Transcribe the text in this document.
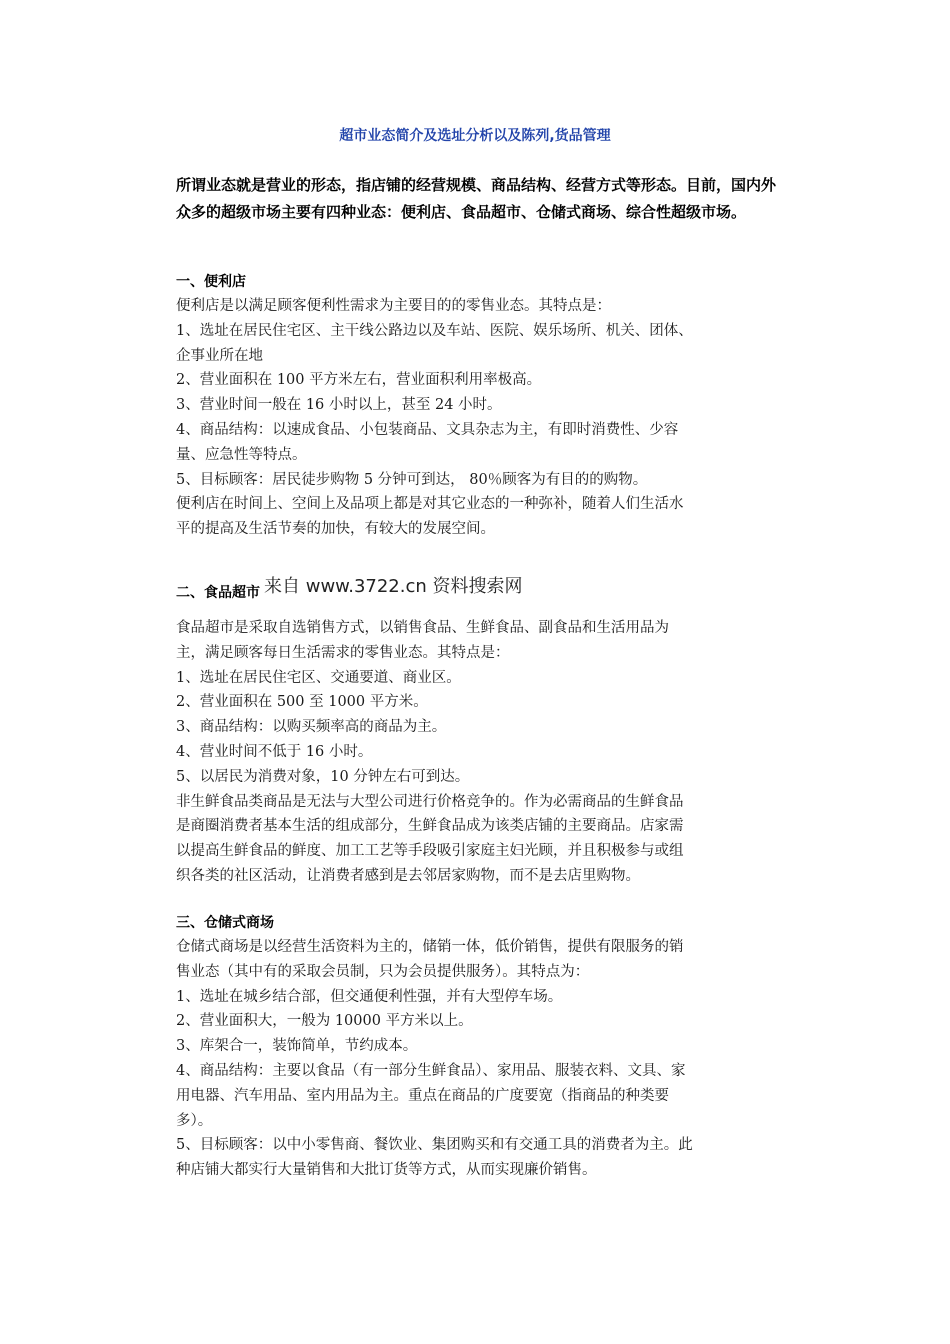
超市业态简介及选址分析以及陈列,货品管理
所谓业态就是营业的形态，指店铺的经营规模、商品结构、经营方式等形态。目前，国内外众多的超级市场主要有四种业态：便利店、食品超市、仓储式商场、综合性超级市场。
一、便利店

便利店是以满足顾客便利性需求为主要目的的零售业态。其特点是：

1、选址在居民住宅区、主干线公路边以及车站、医院、娱乐场所、机关、团体、

企事业所在地

2、营业面积在 100 平方米左右，营业面积利用率极高。

3、营业时间一般在 16 小时以上，甚至 24 小时。

4、商品结构：以速成食品、小包装商品、文具杂志为主，有即时消费性、少容

量、应急性等特点。

5、目标顾客：居民徒步购物 5 分钟可到达， 80％顾客为有目的的购物。

便利店在时间上、空间上及品项上都是对其它业态的一种弥补，随着人们生活水

平的提高及生活节奏的加快，有较大的发展空间。

二、食品超市 来自 www.3722.cn 资料搜索网

食品超市是采取自选销售方式，以销售食品、生鲜食品、副食品和生活用品为

主，满足顾客每日生活需求的零售业态。其特点是：

1、选址在居民住宅区、交通要道、商业区。

2、营业面积在 500 至 1000 平方米。

3、商品结构：以购买频率高的商品为主。

4、营业时间不低于 16 小时。

5、以居民为消费对象，10 分钟左右可到达。

非生鲜食品类商品是无法与大型公司进行价格竞争的。作为必需商品的生鲜食品

是商圈消费者基本生活的组成部分，生鲜食品成为该类店铺的主要商品。店家需

以提高生鲜食品的鲜度、加工工艺等手段吸引家庭主妇光顾，并且积极参与或组

织各类的社区活动，让消费者感到是去邻居家购物，而不是去店里购物。

三、仓储式商场

仓储式商场是以经营生活资料为主的，储销一体，低价销售，提供有限服务的销

售业态（其中有的采取会员制，只为会员提供服务）。其特点为：

1、选址在城乡结合部，但交通便利性强，并有大型停车场。

2、营业面积大，一般为 10000 平方米以上。

3、库架合一，装饰简单，节约成本。

4、商品结构：主要以食品（有一部分生鲜食品）、家用品、服装衣料、文具、家

用电器、汽车用品、室内用品为主。重点在商品的广度要宽（指商品的种类要

多）。

5、目标顾客：以中小零售商、餐饮业、集团购买和有交通工具的消费者为主。此

种店铺大都实行大量销售和大批订货等方式，从而实现廉价销售。
